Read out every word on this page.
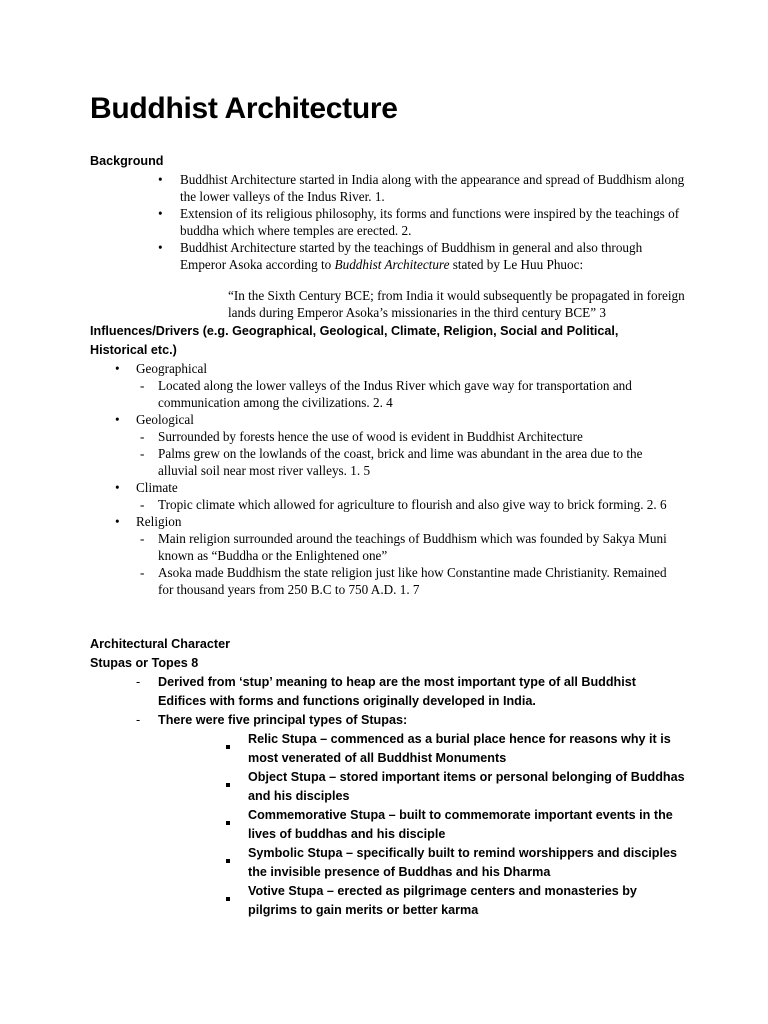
Buddhist Architecture
Background
• Buddhist Architecture started in India along with the appearance and spread of Buddhism along the lower valleys of the Indus River. 1.
• Extension of its religious philosophy, its forms and functions were inspired by the teachings of buddha which where temples are erected. 2.
• Buddhist Architecture started by the teachings of Buddhism in general and also through Emperor Asoka according to Buddhist Architecture stated by Le Huu Phuoc:
“In the Sixth Century BCE; from India it would subsequently be propagated in foreign lands during Emperor Asoka’s missionaries in the third century BCE” 3
Influences/Drivers (e.g. Geographical, Geological, Climate, Religion, Social and Political, Historical etc.)
• Geographical
- Located along the lower valleys of the Indus River which gave way for transportation and communication among the civilizations. 2. 4
• Geological
- Surrounded by forests hence the use of wood is evident in Buddhist Architecture
- Palms grew on the lowlands of the coast, brick and lime was abundant in the area due to the alluvial soil near most river valleys. 1. 5
• Climate
- Tropic climate which allowed for agriculture to flourish and also give way to brick forming. 2. 6
• Religion
- Main religion surrounded around the teachings of Buddhism which was founded by Sakya Muni known as “Buddha or the Enlightened one”
- Asoka made Buddhism the state religion just like how Constantine made Christianity. Remained for thousand years from 250 B.C to 750 A.D. 1. 7
Architectural Character
Stupas or Topes 8
- Derived from ‘stup’ meaning to heap are the most important type of all Buddhist Edifices with forms and functions originally developed in India.
- There were five principal types of Stupas:
Relic Stupa – commenced as a burial place hence for reasons why it is most venerated of all Buddhist Monuments
Object Stupa – stored important items or personal belonging of Buddhas and his disciples
Commemorative Stupa – built to commemorate important events in the lives of buddhas and his disciple
Symbolic Stupa – specifically built to remind worshippers and disciples the invisible presence of Buddhas and his Dharma
Votive Stupa – erected as pilgrimage centers and monasteries by pilgrims to gain merits or better karma
